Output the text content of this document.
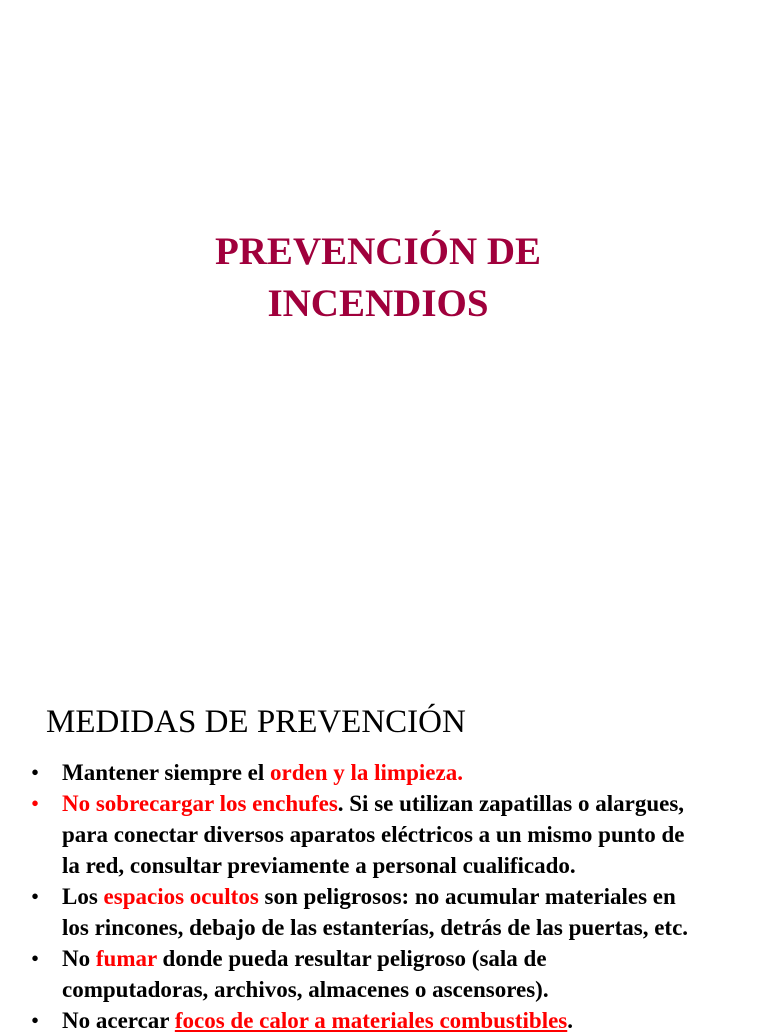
PREVENCIÓN DE
INCENDIOS
MEDIDAS DE PREVENCIÓN
• Mantener siempre el orden y la limpieza.
• No sobrecargar los enchufes. Si se utilizan zapatillas o alargues,
para conectar diversos aparatos eléctricos a un mismo punto de
la red, consultar previamente a personal cualificado.
• Los espacios ocultos son peligrosos: no acumular materiales en
los rincones, debajo de las estanterías, detrás de las puertas, etc.
• No fumar donde pueda resultar peligroso (sala de
computadoras, archivos, almacenes o ascensores).
• No acercar focos de calor a materiales combustibles.
